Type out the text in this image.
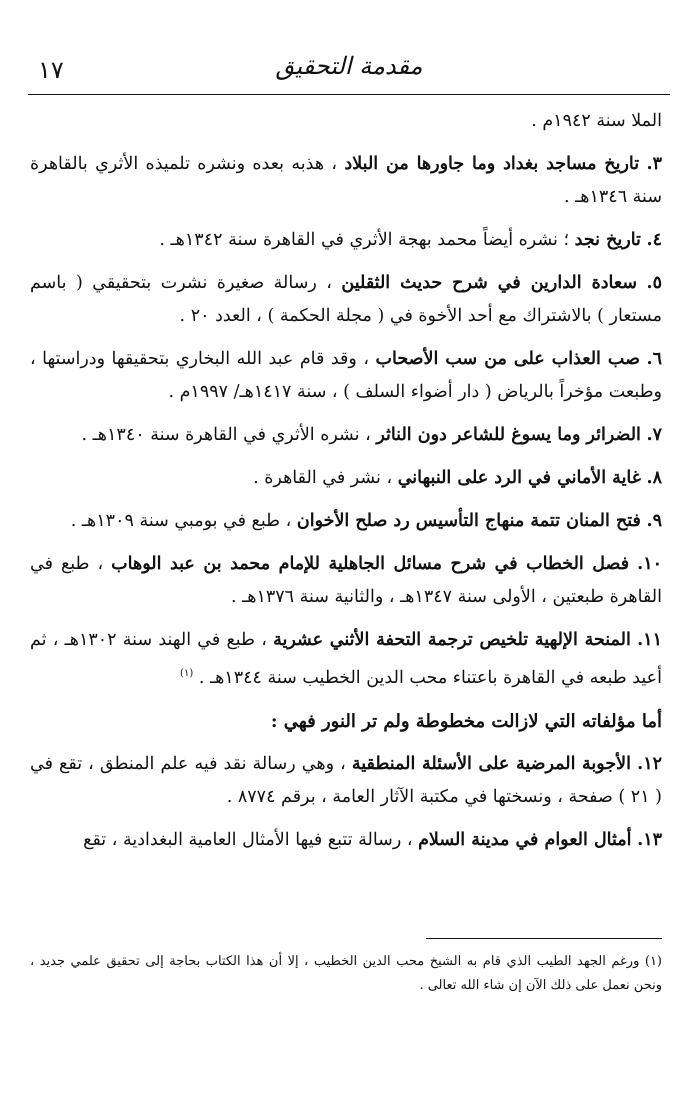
مقدمة التحقيق
١٧

الملا سنة ١٩٤٢م .

٣. تاريخ مساجد بغداد وما جاورها من البلاد ، هذبه بعده ونشره تلميذه الأثري بالقاهرة سنة ١٣٤٦هـ .

٤. تاريخ نجد ؛ نشره أيضاً محمد بهجة الأثري في القاهرة سنة ١٣٤٢هـ .

٥. سعادة الدارين في شرح حديث الثقلين ، رسالة صغيرة نشرت بتحقيقي ( باسم مستعار ) بالاشتراك مع أحد الأخوة في ( مجلة الحكمة ) ، العدد ٢٠ .

٦. صب العذاب على من سب الأصحاب ، وقد قام عبد الله البخاري بتحقيقها ودراستها ، وطبعت مؤخراً بالرياض ( دار أضواء السلف ) ، سنة ١٤١٧هـ/ ١٩٩٧م .

٧. الضرائر وما يسوغ للشاعر دون الناثر ، نشره الأثري في القاهرة سنة ١٣٤٠هـ .

٨. غاية الأماني في الرد على النبهاني ، نشر في القاهرة .

٩. فتح المنان تتمة منهاج التأسيس رد صلح الأخوان ، طبع في بومبي سنة ١٣٠٩هـ .

١٠. فصل الخطاب في شرح مسائل الجاهلية للإمام محمد بن عبد الوهاب ، طبع في القاهرة طبعتين ، الأولى سنة ١٣٤٧هـ ، والثانية سنة ١٣٧٦هـ .

١١. المنحة الإلهية تلخيص ترجمة التحفة الأثني عشرية ، طبع في الهند سنة ١٣٠٢هـ ، ثم أعيد طبعه في القاهرة باعتناء محب الدين الخطيب سنة ١٣٤٤هـ . $^{(١)}$

أما مؤلفاته التي لازالت مخطوطة ولم تر النور فهي :

١٢. الأجوبة المرضية على الأسئلة المنطقية ، وهي رسالة نقد فيه علم المنطق ، تقع في ( ٢١ ) صفحة ، ونسختها في مكتبة الآثار العامة ، برقم ٨٧٧٤ .

١٣. أمثال العوام في مدينة السلام ، رسالة تتبع فيها الأمثال العامية البغدادية ، تقع

(١) ورغم الجهد الطيب الذي قام به الشيخ محب الدين الخطيب ، إلا أن هذا الكتاب بحاجة إلى تحقيق علمي جديد ، ونحن نعمل على ذلك الآن إن شاء الله تعالى .
